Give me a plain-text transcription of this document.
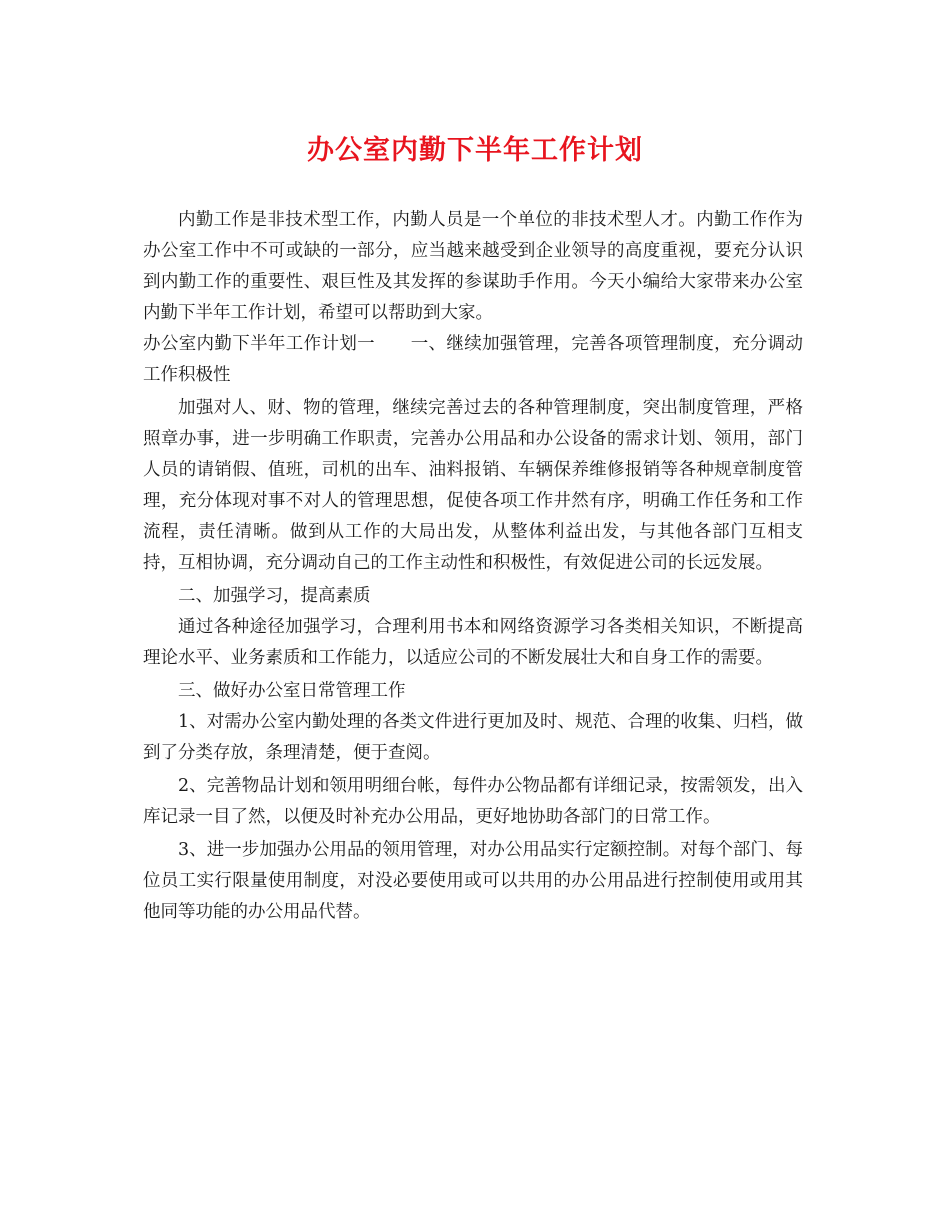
办公室内勤下半年工作计划

内勤工作是非技术型工作，内勤人员是一个单位的非技术型人才。内勤工作作为办公室工作中不可或缺的一部分，应当越来越受到企业领导的高度重视，要充分认识到内勤工作的重要性、艰巨性及其发挥的参谋助手作用。今天小编给大家带来办公室内勤下半年工作计划，希望可以帮助到大家。

办公室内勤下半年工作计划一　　一、继续加强管理，完善各项管理制度，充分调动工作积极性

加强对人、财、物的管理，继续完善过去的各种管理制度，突出制度管理，严格照章办事，进一步明确工作职责，完善办公用品和办公设备的需求计划、领用，部门人员的请销假、值班，司机的出车、油料报销、车辆保养维修报销等各种规章制度管理，充分体现对事不对人的管理思想，促使各项工作井然有序，明确工作任务和工作流程，责任清晰。做到从工作的大局出发，从整体利益出发，与其他各部门互相支持，互相协调，充分调动自己的工作主动性和积极性，有效促进公司的长远发展。

二、加强学习，提高素质

通过各种途径加强学习，合理利用书本和网络资源学习各类相关知识，不断提高理论水平、业务素质和工作能力，以适应公司的不断发展壮大和自身工作的需要。

三、做好办公室日常管理工作

1、对需办公室内勤处理的各类文件进行更加及时、规范、合理的收集、归档，做到了分类存放，条理清楚，便于查阅。

2、完善物品计划和领用明细台帐，每件办公物品都有详细记录，按需领发，出入库记录一目了然，以便及时补充办公用品，更好地协助各部门的日常工作。

3、进一步加强办公用品的领用管理，对办公用品实行定额控制。对每个部门、每位员工实行限量使用制度，对没必要使用或可以共用的办公用品进行控制使用或用其他同等功能的办公用品代替。
